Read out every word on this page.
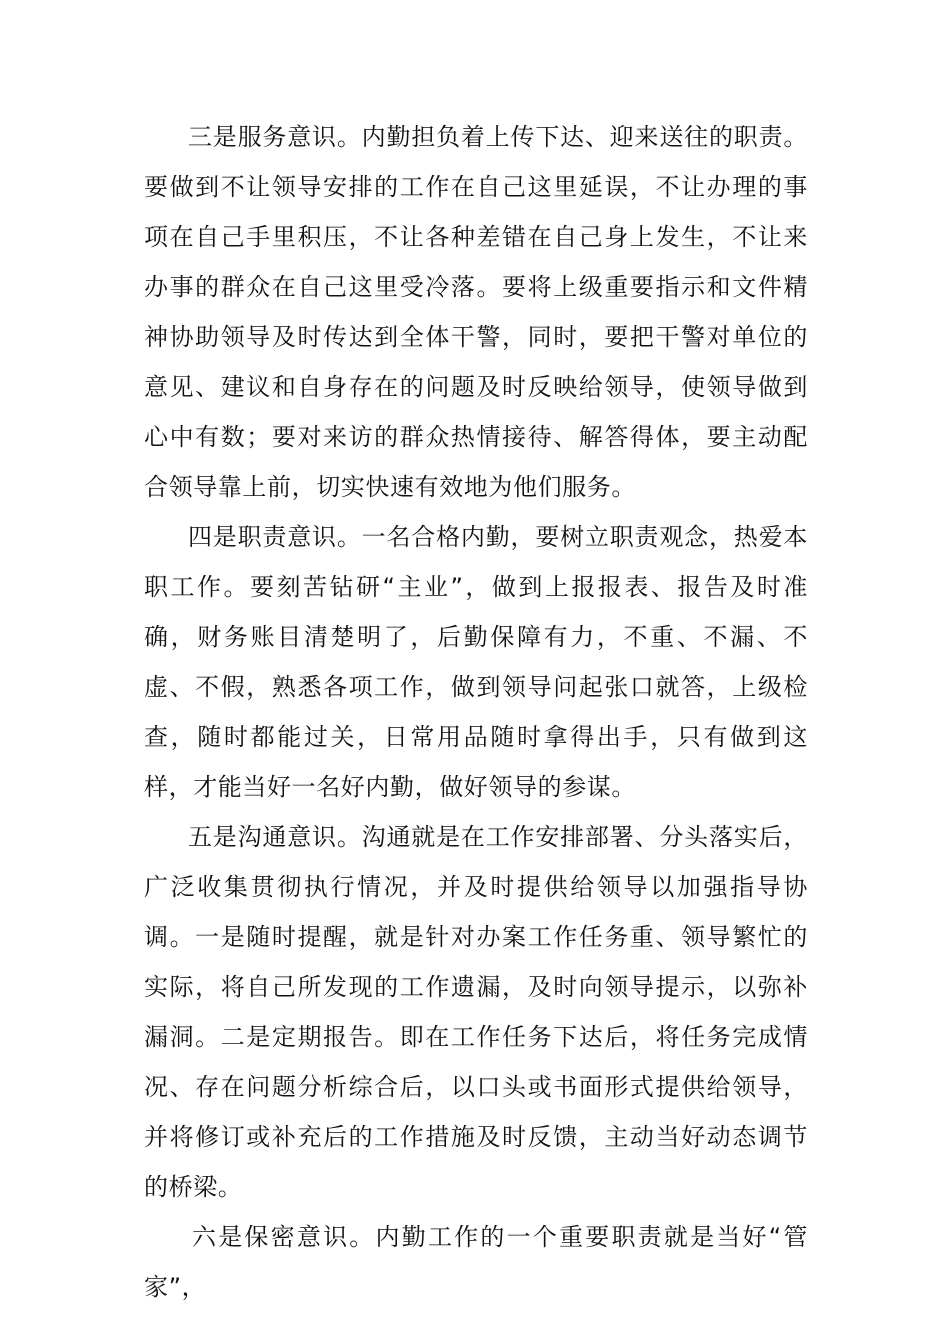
三是服务意识。内勤担负着上传下达、迎来送往的职责。要做到不让领导安排的工作在自己这里延误，不让办理的事项在自己手里积压，不让各种差错在自己身上发生，不让来办事的群众在自己这里受冷落。要将上级重要指示和文件精神协助领导及时传达到全体干警，同时，要把干警对单位的意见、建议和自身存在的问题及时反映给领导，使领导做到心中有数；要对来访的群众热情接待、解答得体，要主动配合领导靠上前，切实快速有效地为他们服务。

四是职责意识。一名合格内勤，要树立职责观念，热爱本职工作。要刻苦钻研“主业”，做到上报报表、报告及时准确，财务账目清楚明了，后勤保障有力，不重、不漏、不虚、不假，熟悉各项工作，做到领导问起张口就答，上级检查，随时都能过关，日常用品随时拿得出手，只有做到这样，才能当好一名好内勤，做好领导的参谋。

五是沟通意识。沟通就是在工作安排部署、分头落实后，广泛收集贯彻执行情况，并及时提供给领导以加强指导协调。一是随时提醒，就是针对办案工作任务重、领导繁忙的实际，将自己所发现的工作遗漏，及时向领导提示，以弥补漏洞。二是定期报告。即在工作任务下达后，将任务完成情况、存在问题分析综合后，以口头或书面形式提供给领导，并将修订或补充后的工作措施及时反馈，主动当好动态调节的桥梁。

六是保密意识。内勤工作的一个重要职责就是当好“管家”，
